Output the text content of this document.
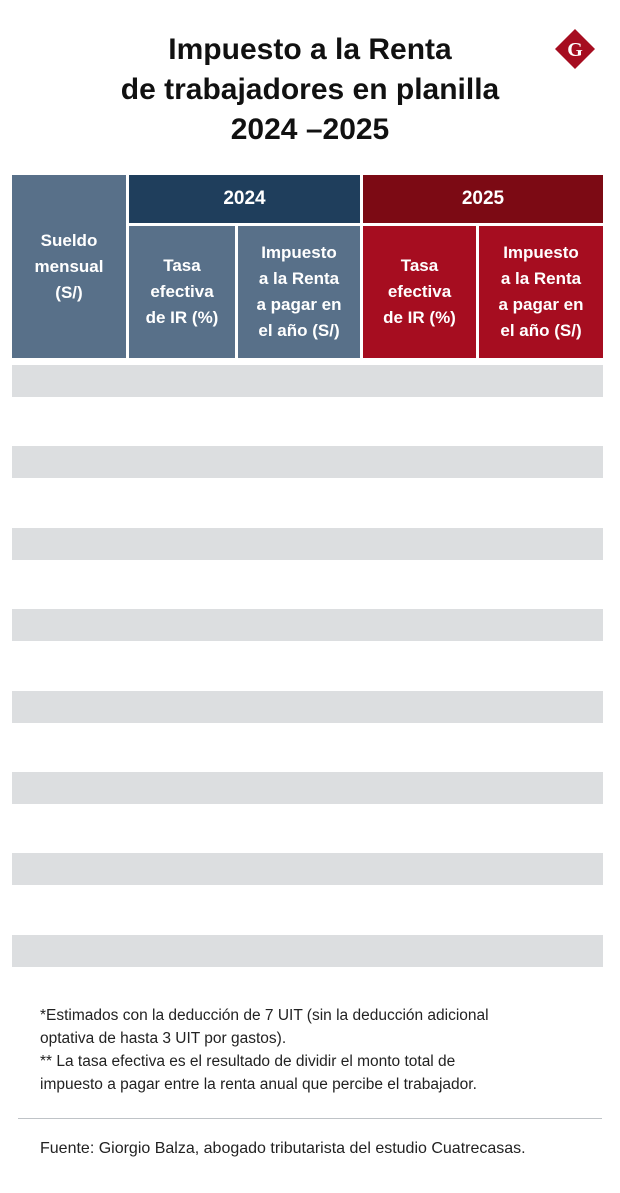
Impuesto a la Renta
de trabajadores en planilla
2024 –2025
G
Sueldo
mensual
(S/)
2024	2025
Tasa
efectiva
de IR (%)
Impuesto
a la Renta
a pagar en
el año (S/)
Tasa
efectiva
de IR (%)
Impuesto
a la Renta
a pagar en
el año (S/)
*Estimados con la deducción de 7 UIT (sin la deducción adicional
optativa de hasta 3 UIT por gastos).
** La tasa efectiva es el resultado de dividir el monto total de
impuesto a pagar entre la renta anual que percibe el trabajador.
Fuente: Giorgio Balza, abogado tributarista del estudio Cuatrecasas.
